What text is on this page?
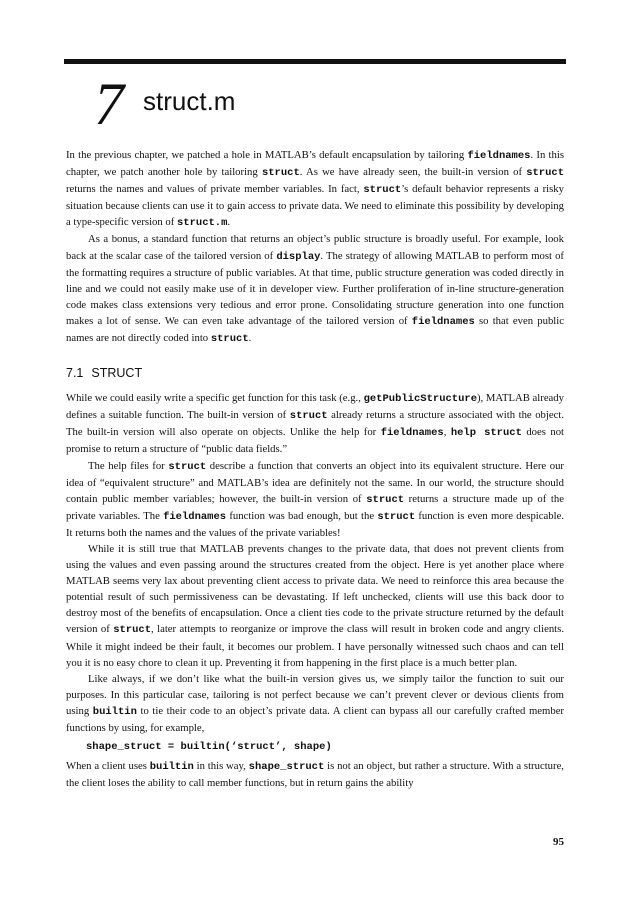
7 struct.m

In the previous chapter, we patched a hole in MATLAB’s default encapsulation by tailoring fieldnames. In this chapter, we patch another hole by tailoring struct. As we have already seen, the built-in version of struct returns the names and values of private member variables. In fact, struct’s default behavior represents a risky situation because clients can use it to gain access to private data. We need to eliminate this possibility by developing a type-specific version of struct.m.

As a bonus, a standard function that returns an object’s public structure is broadly useful. For example, look back at the scalar case of the tailored version of display. The strategy of allowing MATLAB to perform most of the formatting requires a structure of public variables. At that time, public structure generation was coded directly in line and we could not easily make use of it in developer view. Further proliferation of in-line structure-generation code makes class extensions very tedious and error prone. Consolidating structure generation into one function makes a lot of sense. We can even take advantage of the tailored version of fieldnames so that even public names are not directly coded into struct.

7.1 STRUCT

While we could easily write a specific get function for this task (e.g., getPublicStructure), MATLAB already defines a suitable function. The built-in version of struct already returns a structure associated with the object. The built-in version will also operate on objects. Unlike the help for fieldnames, help struct does not promise to return a structure of “public data fields.”

The help files for struct describe a function that converts an object into its equivalent structure. Here our idea of “equivalent structure” and MATLAB’s idea are definitely not the same. In our world, the structure should contain public member variables; however, the built-in version of struct returns a structure made up of the private variables. The fieldnames function was bad enough, but the struct function is even more despicable. It returns both the names and the values of the private variables!

While it is still true that MATLAB prevents changes to the private data, that does not prevent clients from using the values and even passing around the structures created from the object. Here is yet another place where MATLAB seems very lax about preventing client access to private data. We need to reinforce this area because the potential result of such permissiveness can be devastating. If left unchecked, clients will use this back door to destroy most of the benefits of encapsulation. Once a client ties code to the private structure returned by the default version of struct, later attempts to reorganize or improve the class will result in broken code and angry clients. While it might indeed be their fault, it becomes our problem. I have personally witnessed such chaos and can tell you it is no easy chore to clean it up. Preventing it from happening in the first place is a much better plan.

Like always, if we don’t like what the built-in version gives us, we simply tailor the function to suit our purposes. In this particular case, tailoring is not perfect because we can’t prevent clever or devious clients from using builtin to tie their code to an object’s private data. A client can bypass all our carefully crafted member functions by using, for example,

shape_struct = builtin(‘struct’, shape)

When a client uses builtin in this way, shape_struct is not an object, but rather a structure. With a structure, the client loses the ability to call member functions, but in return gains the ability

95
